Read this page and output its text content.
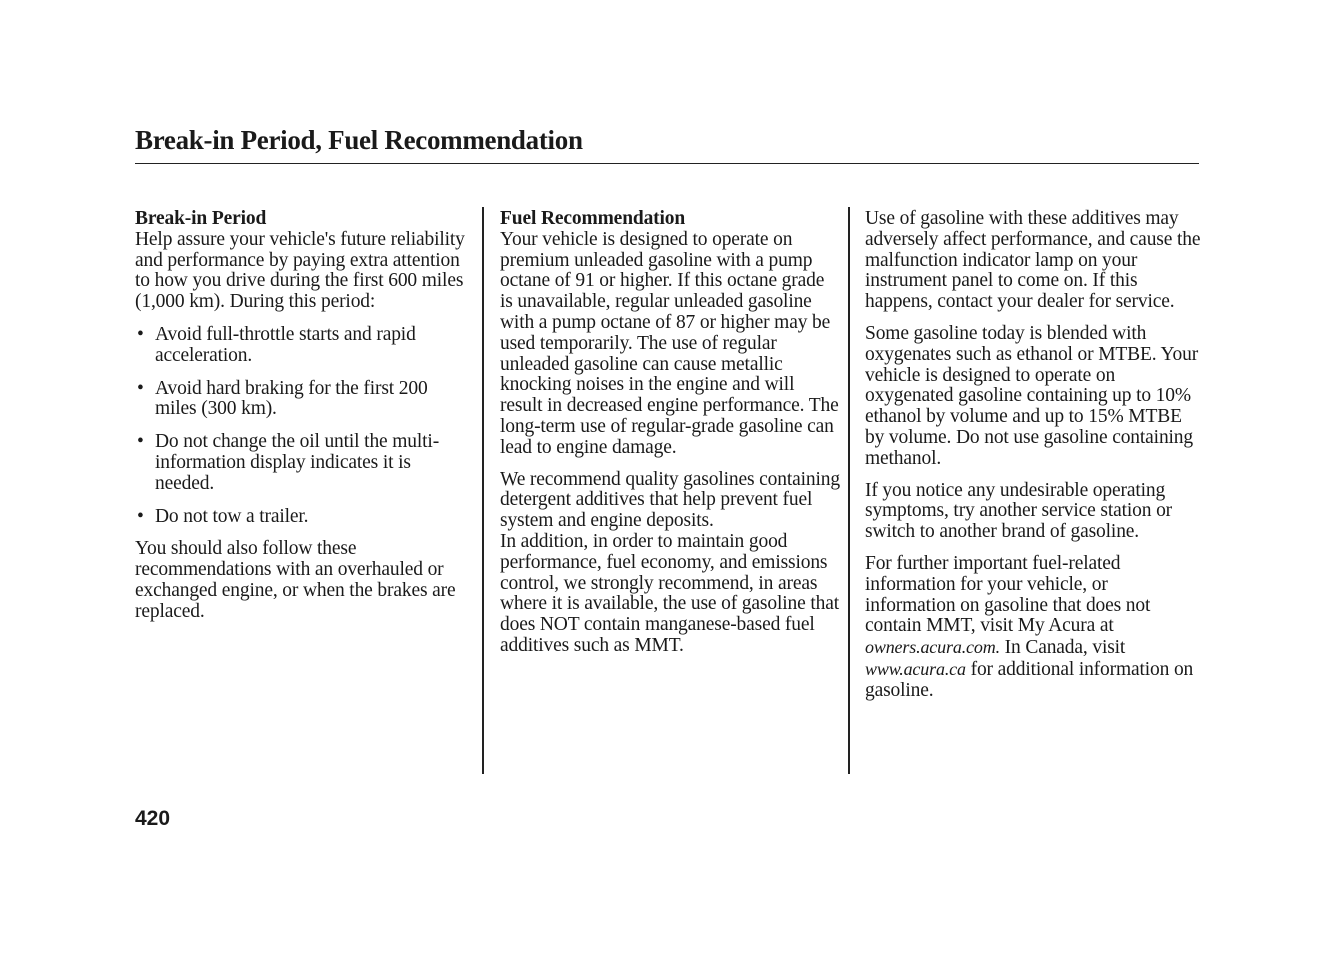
Break-in Period, Fuel Recommendation

Break-in Period

Help assure your vehicle's future reliability and performance by paying extra attention to how you drive during the first 600 miles (1,000 km). During this period:

• Avoid full-throttle starts and rapid acceleration.
• Avoid hard braking for the first 200 miles (300 km).
• Do not change the oil until the multi-information display indicates it is needed.
• Do not tow a trailer.

You should also follow these recommendations with an overhauled or exchanged engine, or when the brakes are replaced.

Fuel Recommendation

Your vehicle is designed to operate on premium unleaded gasoline with a pump octane of 91 or higher. If this octane grade is unavailable, regular unleaded gasoline with a pump octane of 87 or higher may be used temporarily. The use of regular unleaded gasoline can cause metallic knocking noises in the engine and will result in decreased engine performance. The long-term use of regular-grade gasoline can lead to engine damage.

We recommend quality gasolines containing detergent additives that help prevent fuel system and engine deposits.

In addition, in order to maintain good performance, fuel economy, and emissions control, we strongly recommend, in areas where it is available, the use of gasoline that does NOT contain manganese-based fuel additives such as MMT.

Use of gasoline with these additives may adversely affect performance, and cause the malfunction indicator lamp on your instrument panel to come on. If this happens, contact your dealer for service.

Some gasoline today is blended with oxygenates such as ethanol or MTBE. Your vehicle is designed to operate on oxygenated gasoline containing up to 10% ethanol by volume and up to 15% MTBE by volume. Do not use gasoline containing methanol.

If you notice any undesirable operating symptoms, try another service station or switch to another brand of gasoline.

For further important fuel-related information for your vehicle, or information on gasoline that does not contain MMT, visit My Acura at owners.acura.com. In Canada, visit www.acura.ca for additional information on gasoline.

420
